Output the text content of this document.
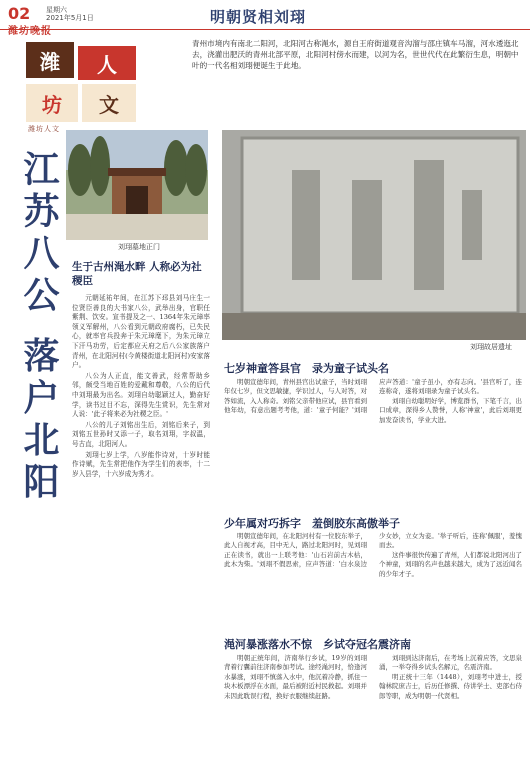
02
潍坊晚报
星期六
2021年5月1日	明朝贤相刘珝
潍	人
坊	文
潍坊人文
青州市境内有南北二阳河，北阳河古称渑水，源自王府街道观音沟溜与邵庄镇车马溜，河水逶迤北去，浇灌出肥沃的青州北部平原，北阳河村傍水而建，以河为名，世世代代在此繁衍生息，明朝中叶的一代名相刘珝便诞生于此地。
刘珝墓地正门
刘珝故居遗址
江苏八公 落户北阳 生于古州渑水畔 人称必为社稷臣

元朝延祐年间，在江苏下邳县刘马庄生一位贤臣善良的大书家八公，武举出身，官职任紫荆、饮安。宣书提及之一、1364年朱元璋率领义军解州，八公看到元朝政府腐朽，已失民心，就率官兵投奔于朱元璋麾下，为朱元璋立下汗马功劳，后定都应天府之后八公家族落户青州，在北阳河村(今黄楼街道北阳河村)安家落户。

八公为人正直，能文善武，经常帮助乡邻，颇受当地百姓的爱戴和尊敬，八公的后代中刘珝最为出名。刘珝自幼聪颖过人，勤奋好学，读书过目不忘，深得先生赏识，先生常对人说：'此子将来必为社稷之臣。'

八公的儿子刘铭出生后，刘铭后来子，到刘铭五世孙时又添一子，取名刘珝，字叔温，号古直，北阳河人。

刘珝七岁上学，八岁能作诗对，十岁时能作诗赋，先生常把他作为学生们的表率，十二岁入县学，十六岁成为秀才。

七岁神童答县官　录为童子试头名

明朝宣德年间，青州县官出试童子，当时刘珝年仅七岁，但文思敏捷，学识过人，与人对答，对答如流，入人称奇。刘铭父亲带他应试，县官看到他年幼，有意出题考考他，道：'童子何能？'刘珝应声答道：'童子虽小，亦有志向。'县官听了，连连称奇，遂将刘珝录为童子试头名。

刘珝自幼聪明好学，博览群书，下笔千言，出口成章，深得乡人赞誉，人称'神童'，此后刘珝更加发奋读书，学业大进。

少年属对巧拆字　羞倒胶东高傲举子

明朝宣德年间，在北阳河村有一位胶东举子，此人自视才高，目中无人，路过北阳河时，见刘珝正在读书，就出一上联考他：'山石岩前古木枯，此木为柴。'刘珝不假思索，应声答道：'白水泉边少女妙，立女为妾。'举子听后，连称'佩服'，羞愧而去。

这件事很快传遍了青州，人们都说北阳河出了个神童，刘珝的名声也越来越大，成为了远近闻名的少年才子。

渑河暴涨落水不惊　乡试夺冠名震济南

明朝正统年间，济南举行乡试，19岁的刘珝背着行囊前往济南参加考试。途经渑河时，恰逢河水暴涨，刘珝不慎落入水中，他沉着冷静，抓住一块木板漂浮在水面，最后被附近村民救起。刘珝并未因此耽误行程，换好衣服继续赶路。

刘珝到达济南后，在考场上沉着应答，文思泉涌，一举夺得乡试头名解元，名震济南。

明正统十三年（1448），刘珝考中进士，授翰林院庶吉士，后历任修撰、侍讲学士、吏部右侍郎等职，成为明朝一代贤相。
